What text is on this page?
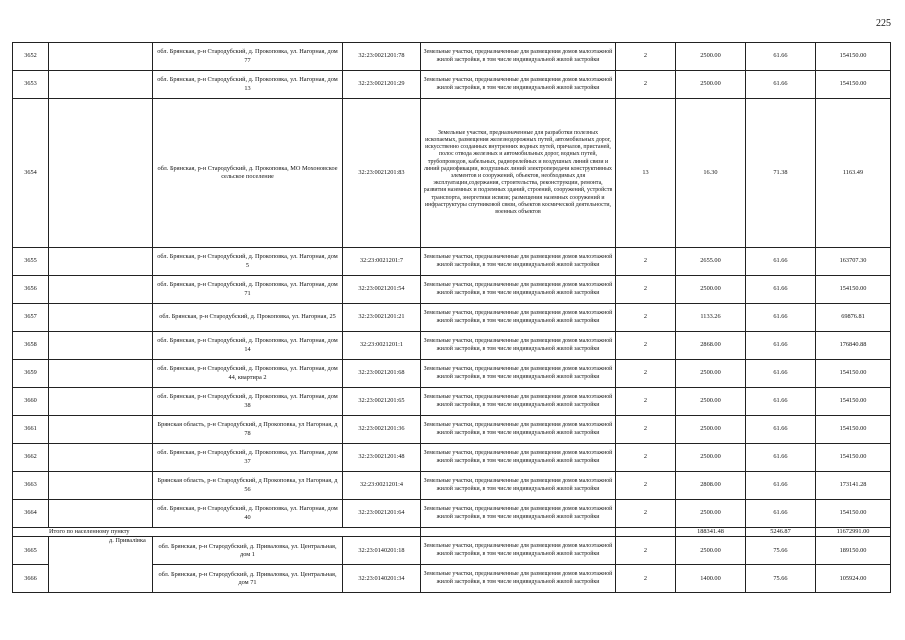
225
3652		обл. Брянская, р-н Стародубский, д. Прокоповка, ул. Нагорная, дом 77	32:23:0021201:78	Земельные участки, предназначенные для размещения домов малоэтажной жилой застройки, в том числе индивидуальной жилой застройки	2	2500.00	61.66	154150.00
3653		обл. Брянская, р-н Стародубский, д. Прокоповка, ул. Нагорная, дом 13	32:23:0021201:29	Земельные участки, предназначенные для размещения домов малоэтажной жилой застройки, в том числе индивидуальной жилой застройки	2	2500.00	61.66	154150.00
3654		обл. Брянская, р-н Стародубский, д. Прокоповка, МО Мохоновское сельское поселение	32:23:0021201:83	Земельные участки, предназначенные для разработки полезных ископаемых, размещения железнодорожных путей, автомобильных дорог, искусственно созданных внутренних водных путей, причалов, пристаней, полос отвода железных и автомобильных дорог, водных путей, трубопроводов, кабельных, радиорелейных и воздушных линий связи и линий радиофикации, воздушных линий электропередачи конструктивных элементов и сооружений, объектов, необходимых для эксплуатации,содержания, строительства, реконструкции, ремонта, развития наземных и подземных зданий, строений, сооружений, устройств транспорта, энергетики исвязи; размещения наземных сооружений и инфраструктуры спутниковой связи, объектов космической деятельности, военных объектов	13	16.30	71.38	1163.49
3655		обл. Брянская, р-н Стародубский, д. Прокоповка, ул. Нагорная, дом 5	32:23:0021201:7	Земельные участки, предназначенные для размещения домов малоэтажной жилой застройки, в том числе индивидуальной жилой застройки	2	2655.00	61.66	163707.30
3656		обл. Брянская, р-н Стародубский, д. Прокоповка, ул. Нагорная, дом 71	32:23:0021201:54	Земельные участки, предназначенные для размещения домов малоэтажной жилой застройки, в том числе индивидуальной жилой застройки	2	2500.00	61.66	154150.00
3657		обл. Брянская, р-н Стародубский, д. Прокоповка, ул. Нагорная, 25	32:23:0021201:21	Земельные участки, предназначенные для размещения домов малоэтажной жилой застройки, в том числе индивидуальной жилой застройки	2	1133.26	61.66	69876.81
3658		обл. Брянская, р-н Стародубский, д. Прокоповка, ул. Нагорная, дом 14	32:23:0021201:1	Земельные участки, предназначенные для размещения домов малоэтажной жилой застройки, в том числе индивидуальной жилой застройки	2	2868.00	61.66	176840.88
3659		обл. Брянская, р-н Стародубский, д. Прокоповка, ул. Нагорная, дом 44, квартира 2	32:23:0021201:68	Земельные участки, предназначенные для размещения домов малоэтажной жилой застройки, в том числе индивидуальной жилой застройки	2	2500.00	61.66	154150.00
3660		обл. Брянская, р-н Стародубский, д. Прокоповка, ул. Нагорная, дом 38	32:23:0021201:65	Земельные участки, предназначенные для размещения домов малоэтажной жилой застройки, в том числе индивидуальной жилой застройки	2	2500.00	61.66	154150.00
3661		Брянская область, р-н Стародубский, д Прокоповка, ул Нагорная, д 78	32:23:0021201:36	Земельные участки, предназначенные для размещения домов малоэтажной жилой застройки, в том числе индивидуальной жилой застройки	2	2500.00	61.66	154150.00
3662		обл. Брянская, р-н Стародубский, д. Прокоповка, ул. Нагорная, дом 37	32:23:0021201:48	Земельные участки, предназначенные для размещения домов малоэтажной жилой застройки, в том числе индивидуальной жилой застройки	2	2500.00	61.66	154150.00
3663		Брянская область, р-н Стародубский, д Прокоповка, ул Нагорная, д 56	32:23:0021201:4	Земельные участки, предназначенные для размещения домов малоэтажной жилой застройки, в том числе индивидуальной жилой застройки	2	2808.00	61.66	173141.28
3664		обл. Брянская, р-н Стародубский, д. Прокоповка, ул. Нагорная, дом 40	32:23:0021201:64	Земельные участки, предназначенные для размещения домов малоэтажной жилой застройки, в том числе индивидуальной жилой застройки	2	2500.00	61.66	154150.00
Итого по населенному пункту						188341.48	5246.87	11672991.00
3665	д. Привалівка	обл. Брянская, р-н Стародубский, д. Приваловка, ул. Центральная, дом 1	32:23:0140201:18	Земельные участки, предназначенные для размещения домов малоэтажной жилой застройки, в том числе индивидуальной жилой застройки	2	2500.00	75.66	189150.00
3666		обл. Брянская, р-н Стародубский, д. Приваловка, ул. Центральная, дом 71	32:23:0140201:34	Земельные участки, предназначенные для размещения домов малоэтажной жилой застройки, в том числе индивидуальной жилой застройки	2	1400.00	75.66	105924.00
